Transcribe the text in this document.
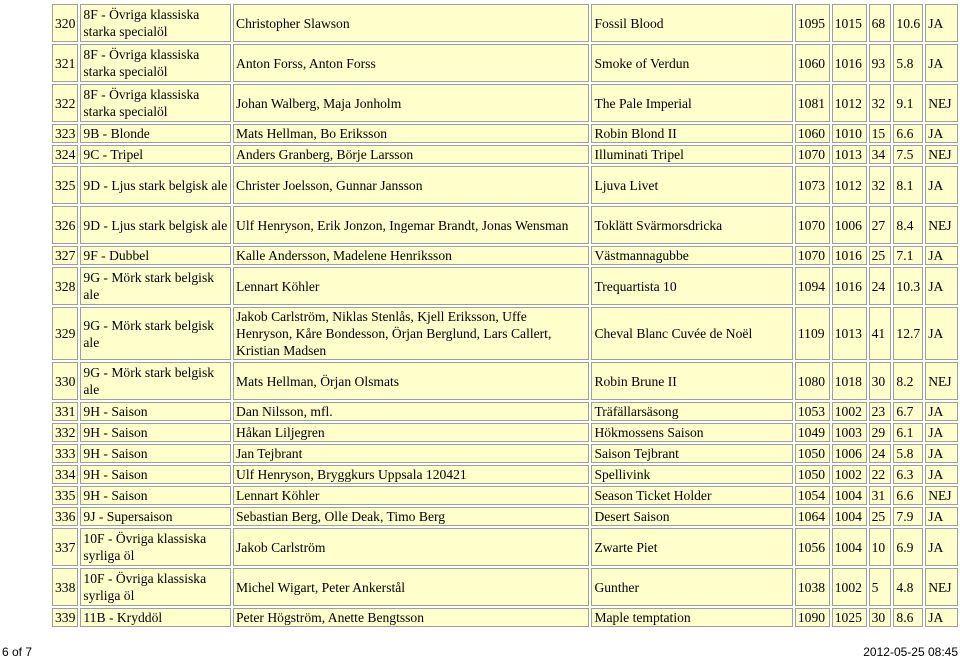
320	8F - Övriga klassiska starka specialöl	Christopher Slawson	Fossil Blood	1095	1015	68	10.6	JA
321	8F - Övriga klassiska starka specialöl	Anton Forss, Anton Forss	Smoke of Verdun	1060	1016	93	5.8	JA
322	8F - Övriga klassiska starka specialöl	Johan Walberg, Maja Jonholm	The Pale Imperial	1081	1012	32	9.1	NEJ
323	9B - Blonde	Mats Hellman, Bo Eriksson	Robin Blond II	1060	1010	15	6.6	JA
324	9C - Tripel	Anders Granberg, Börje Larsson	Illuminati Tripel	1070	1013	34	7.5	NEJ
325	9D - Ljus stark belgisk ale	Christer Joelsson, Gunnar Jansson	Ljuva Livet	1073	1012	32	8.1	JA
326	9D - Ljus stark belgisk ale	Ulf Henryson, Erik Jonzon, Ingemar Brandt, Jonas Wensman	Toklätt Svärmorsdricka	1070	1006	27	8.4	NEJ
327	9F - Dubbel	Kalle Andersson, Madelene Henriksson	Västmannagubbe	1070	1016	25	7.1	JA
328	9G - Mörk stark belgisk ale	Lennart Köhler	Trequartista 10	1094	1016	24	10.3	JA
329	9G - Mörk stark belgisk ale	Jakob Carlström, Niklas Stenlås, Kjell Eriksson, Uffe Henryson, Kåre Bondesson, Örjan Berglund, Lars Callert, Kristian Madsen	Cheval Blanc Cuvée de Noël	1109	1013	41	12.7	JA
330	9G - Mörk stark belgisk ale	Mats Hellman, Örjan Olsmats	Robin Brune II	1080	1018	30	8.2	NEJ
331	9H - Saison	Dan Nilsson, mfl.	Träfällarsäsong	1053	1002	23	6.7	JA
332	9H - Saison	Håkan Liljegren	Hökmossens Saison	1049	1003	29	6.1	JA
333	9H - Saison	Jan Tejbrant	Saison Tejbrant	1050	1006	24	5.8	JA
334	9H - Saison	Ulf Henryson, Bryggkurs Uppsala 120421	Spellivink	1050	1002	22	6.3	JA
335	9H - Saison	Lennart Köhler	Season Ticket Holder	1054	1004	31	6.6	NEJ
336	9J - Supersaison	Sebastian Berg, Olle Deak, Timo Berg	Desert Saison	1064	1004	25	7.9	JA
337	10F - Övriga klassiska syrliga öl	Jakob Carlström	Zwarte Piet	1056	1004	10	6.9	JA
338	10F - Övriga klassiska syrliga öl	Michel Wigart, Peter Ankerstål	Gunther	1038	1002	5	4.8	NEJ
339	11B - Kryddöl	Peter Högström, Anette Bengtsson	Maple temptation	1090	1025	30	8.6	JA
6 of 7	2012-05-25 08:45
